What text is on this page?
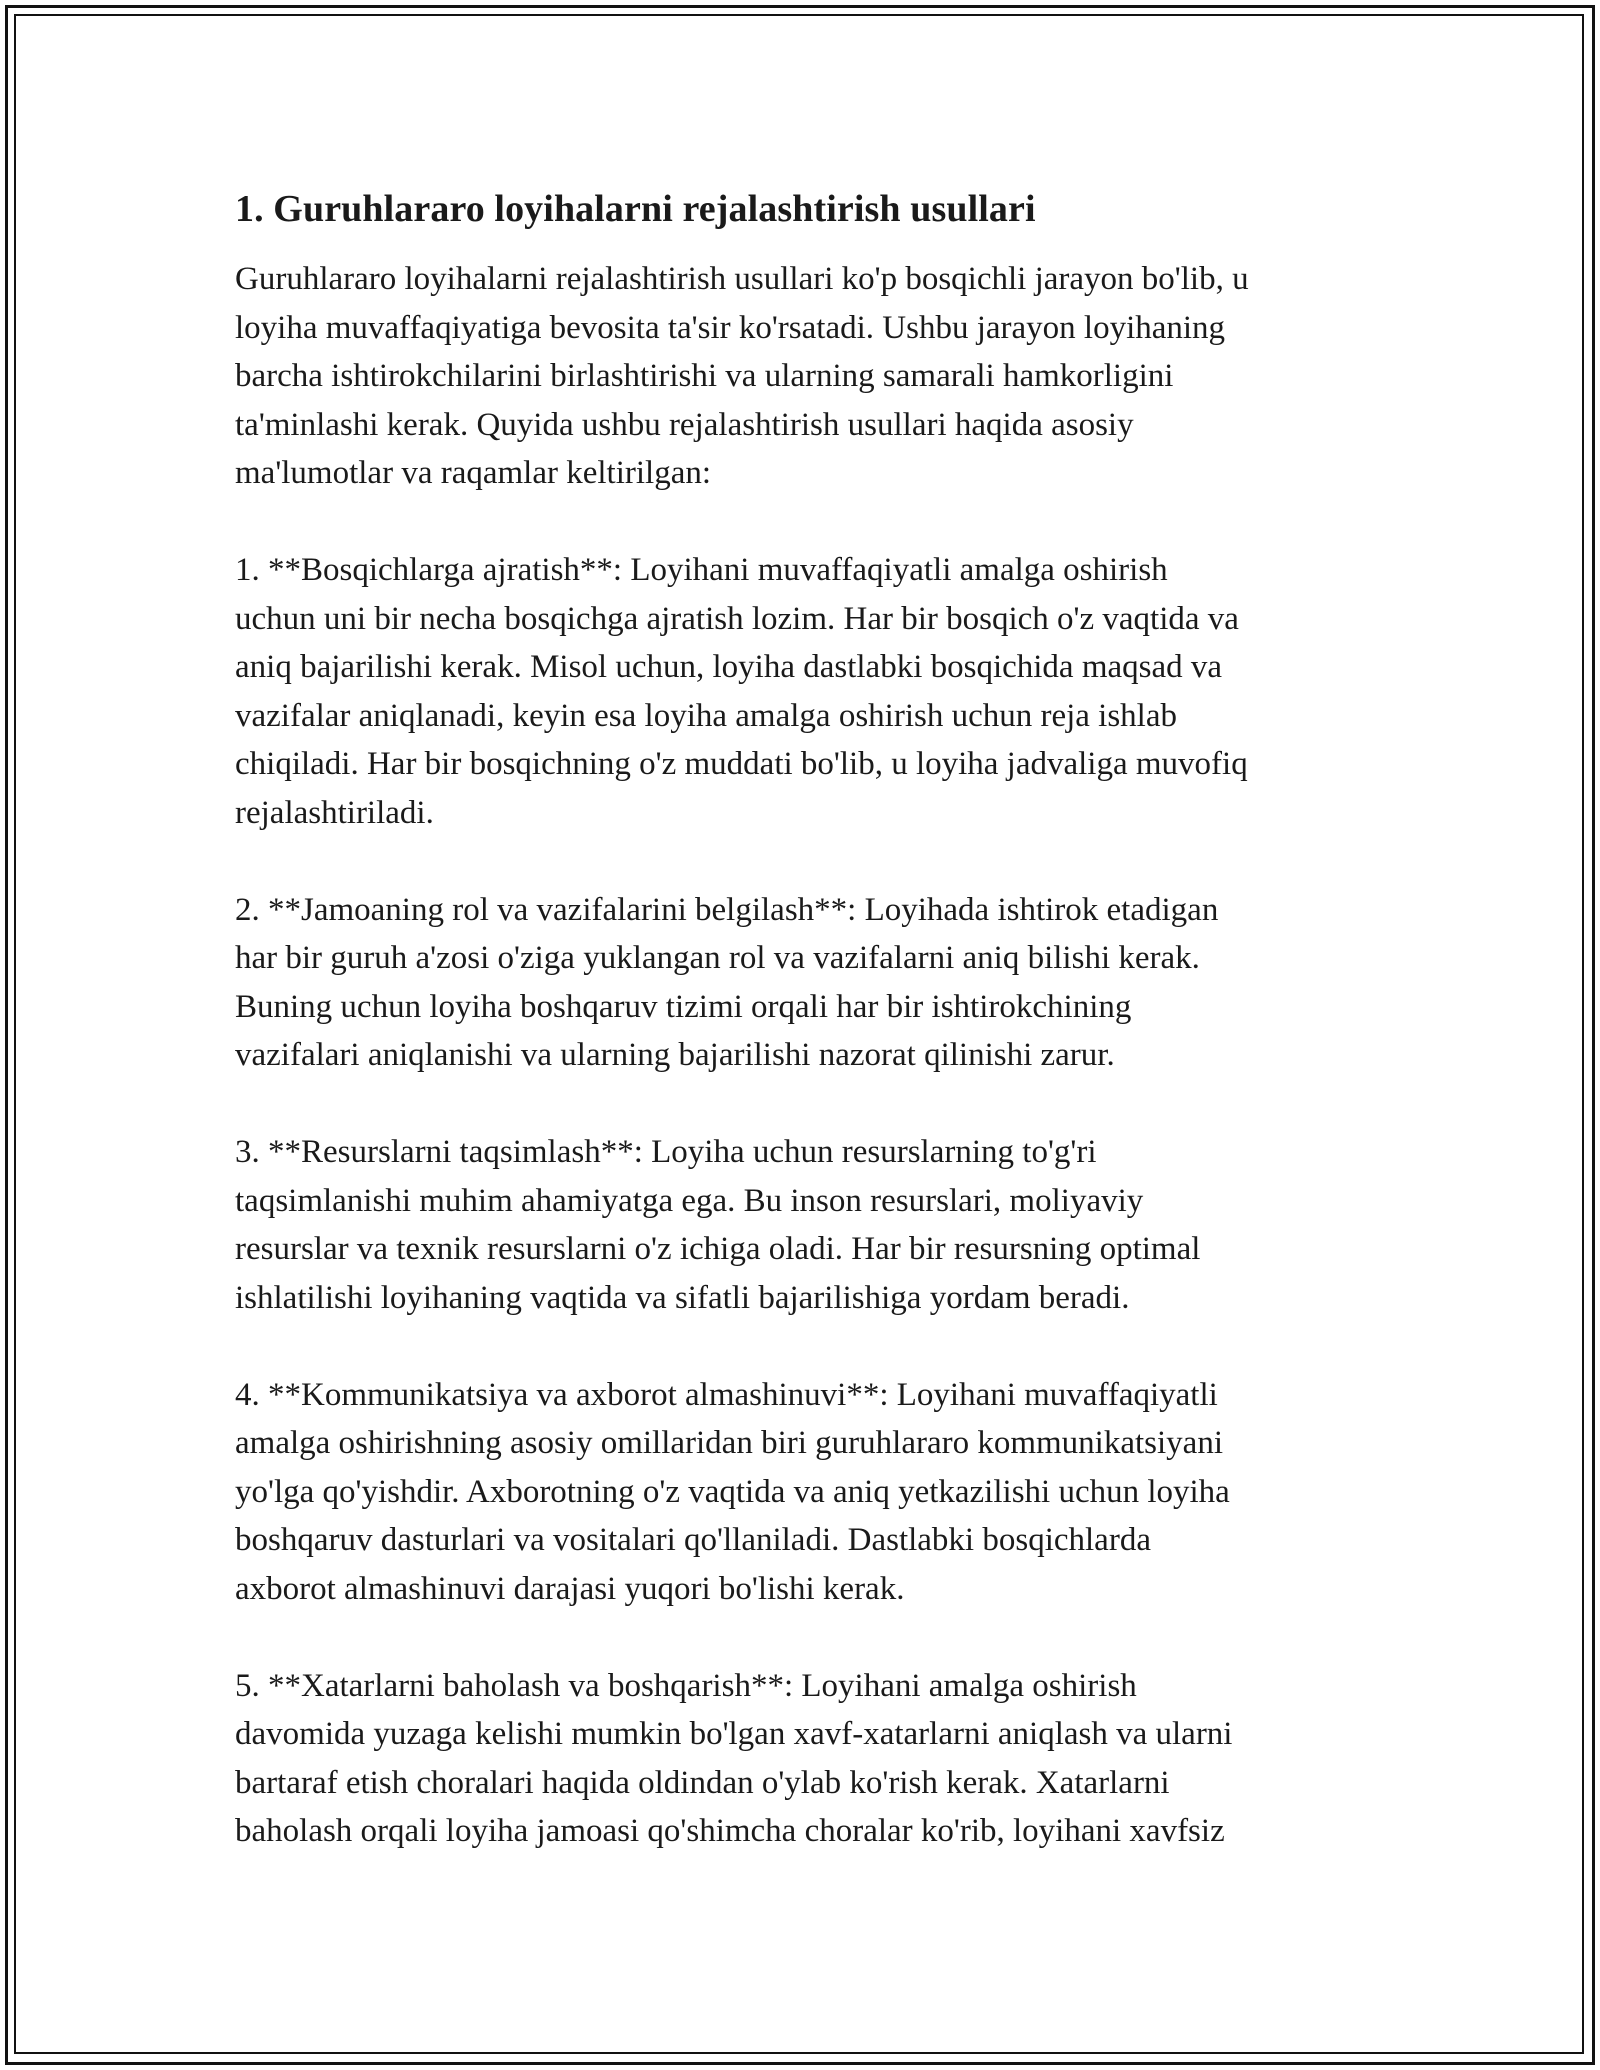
1. Guruhlararo loyihalarni rejalashtirish usullari

Guruhlararo loyihalarni rejalashtirish usullari ko'p bosqichli jarayon bo'lib, u
loyiha muvaffaqiyatiga bevosita ta'sir ko'rsatadi. Ushbu jarayon loyihaning
barcha ishtirokchilarini birlashtirishi va ularning samarali hamkorligini
ta'minlashi kerak. Quyida ushbu rejalashtirish usullari haqida asosiy
ma'lumotlar va raqamlar keltirilgan:

1. **Bosqichlarga ajratish**: Loyihani muvaffaqiyatli amalga oshirish
uchun uni bir necha bosqichga ajratish lozim. Har bir bosqich o'z vaqtida va
aniq bajarilishi kerak. Misol uchun, loyiha dastlabki bosqichida maqsad va
vazifalar aniqlanadi, keyin esa loyiha amalga oshirish uchun reja ishlab
chiqiladi. Har bir bosqichning o'z muddati bo'lib, u loyiha jadvaliga muvofiq
rejalashtiriladi.

2. **Jamoaning rol va vazifalarini belgilash**: Loyihada ishtirok etadigan
har bir guruh a'zosi o'ziga yuklangan rol va vazifalarni aniq bilishi kerak.
Buning uchun loyiha boshqaruv tizimi orqali har bir ishtirokchining
vazifalari aniqlanishi va ularning bajarilishi nazorat qilinishi zarur.

3. **Resurslarni taqsimlash**: Loyiha uchun resurslarning to'g'ri
taqsimlanishi muhim ahamiyatga ega. Bu inson resurslari, moliyaviy
resurslar va texnik resurslarni o'z ichiga oladi. Har bir resursning optimal
ishlatilishi loyihaning vaqtida va sifatli bajarilishiga yordam beradi.

4. **Kommunikatsiya va axborot almashinuvi**: Loyihani muvaffaqiyatli
amalga oshirishning asosiy omillaridan biri guruhlararo kommunikatsiyani
yo'lga qo'yishdir. Axborotning o'z vaqtida va aniq yetkazilishi uchun loyiha
boshqaruv dasturlari va vositalari qo'llaniladi. Dastlabki bosqichlarda
axborot almashinuvi darajasi yuqori bo'lishi kerak.

5. **Xatarlarni baholash va boshqarish**: Loyihani amalga oshirish
davomida yuzaga kelishi mumkin bo'lgan xavf-xatarlarni aniqlash va ularni
bartaraf etish choralari haqida oldindan o'ylab ko'rish kerak. Xatarlarni
baholash orqali loyiha jamoasi qo'shimcha choralar ko'rib, loyihani xavfsiz
